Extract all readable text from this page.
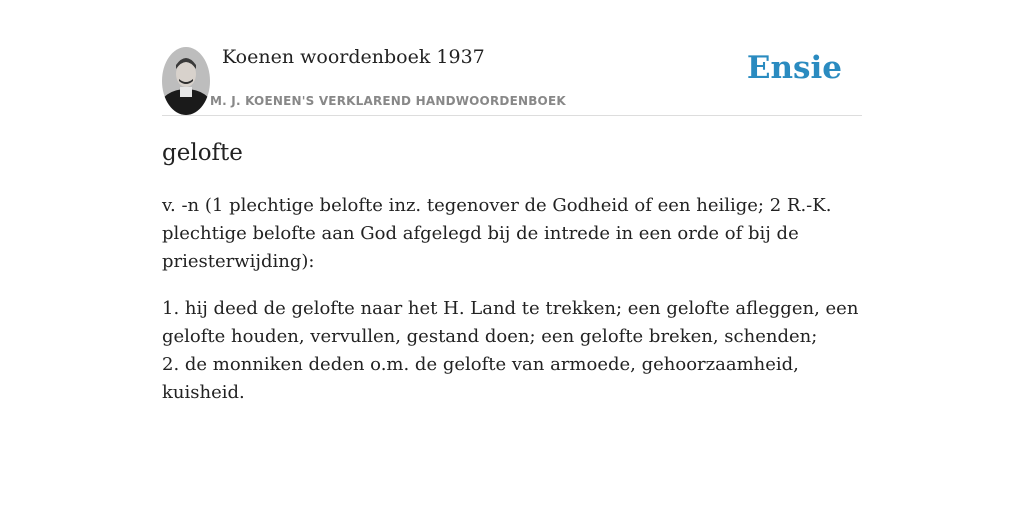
Koenen woordenboek 1937
M. J. KOENEN'S VERKLAREND HANDWOORDENBOEK
Ensie
gelofte

v. -n (1 plechtige belofte inz. tegenover de Godheid of een heilige; 2 R.-K. plechtige belofte aan God afgelegd bij de intrede in een orde of bij de priesterwijding):

1. hij deed de gelofte naar het H. Land te trekken; een gelofte afleggen, een gelofte houden, vervullen, gestand doen; een gelofte breken, schenden;
2. de monniken deden o.m. de gelofte van armoede, gehoorzaamheid, kuisheid.
